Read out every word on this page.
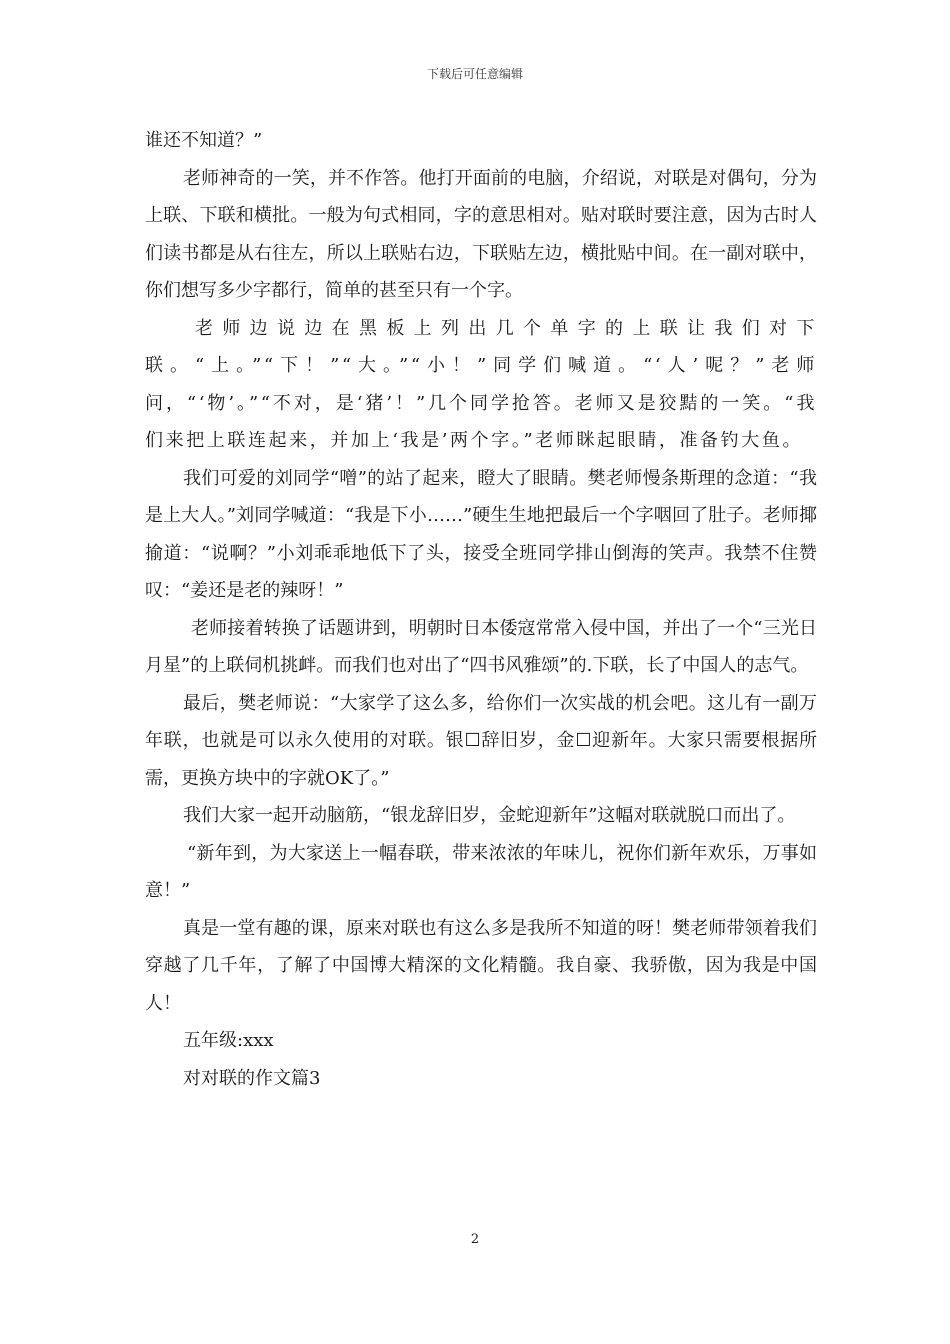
下载后可任意编辑

谁还不知道？”

老师神奇的一笑，并不作答。他打开面前的电脑，介绍说，对联是对偶句，分为上联、下联和横批。一般为句式相同，字的意思相对。贴对联时要注意，因为古时人们读书都是从右往左，所以上联贴右边，下联贴左边，横批贴中间。在一副对联中，你们想写多少字都行，简单的甚至只有一个字。

老师边说边在黑板上列出几个单字的上联让我们对下联。“上。”“下！”“大。”“小！”同学们喊道。“‘人’呢？”老师问，“‘物’。”“不对，是‘猪’！”几个同学抢答。老师又是狡黠的一笑。“我们来把上联连起来，并加上‘我是’两个字。”老师眯起眼睛，准备钓大鱼。

我们可爱的刘同学“噌”的站了起来，瞪大了眼睛。樊老师慢条斯理的念道：“我是上大人。”刘同学喊道：“我是下小……”硬生生地把最后一个字咽回了肚子。老师揶揄道：“说啊？”小刘乖乖地低下了头，接受全班同学排山倒海的笑声。我禁不住赞叹：“姜还是老的辣呀！”

老师接着转换了话题讲到，明朝时日本倭寇常常入侵中国，并出了一个“三光日月星”的上联伺机挑衅。而我们也对出了“四书风雅颂”的.下联，长了中国人的志气。

最后，樊老师说：“大家学了这么多，给你们一次实战的机会吧。这儿有一副万年联，也就是可以永久使用的对联。银☐辞旧岁，金☐迎新年。大家只需要根据所需，更换方块中的字就OK了。”

我们大家一起开动脑筋，“银龙辞旧岁，金蛇迎新年”这幅对联就脱口而出了。

“新年到，为大家送上一幅春联，带来浓浓的年味儿，祝你们新年欢乐，万事如意！”

真是一堂有趣的课，原来对联也有这么多是我所不知道的呀！樊老师带领着我们穿越了几千年，了解了中国博大精深的文化精髓。我自豪、我骄傲，因为我是中国人！

五年级:xxx

对对联的作文篇3

2
